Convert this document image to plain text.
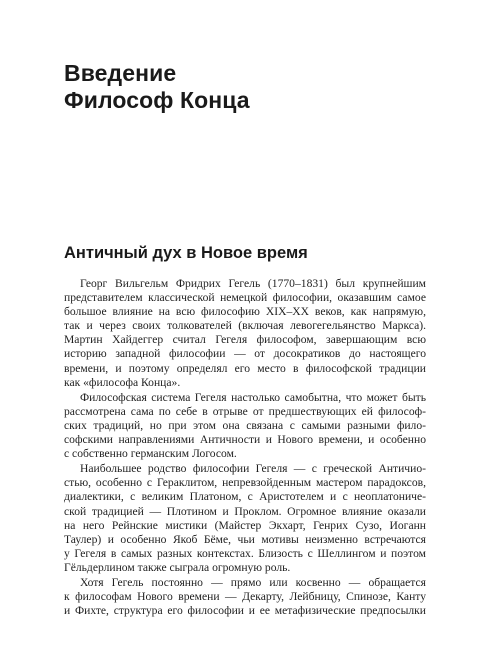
Введение
Философ Конца
Античный дух в Новое время

Георг Вильгельм Фридрих Гегель (1770–1831) был крупнейшим
представителем классической немецкой философии, оказавшим самое
большое влияние на всю философию XIX–XX веков, как напрямую,
так и через своих толкователей (включая левогегельянство Маркса).
Мартин Хайдеггер считал Гегеля философом, завершающим всю
историю западной философии — от досократиков до настоящего
времени, и поэтому определял его место в философской традиции
как «философа Конца».

Философская система Гегеля настолько самобытна, что может быть
рассмотрена сама по себе в отрыве от предшествующих ей философ-
ских традиций, но при этом она связана с самыми разными фило-
софскими направлениями Античности и Нового времени, и особенно
с собственно германским Логосом.

Наибольшее родство философии Гегеля — с греческой Античио-
стью, особенно с Гераклитом, непревзойденным мастером парадоксов,
диалектики, с великим Платоном, с Аристотелем и с неоплатониче-
ской традицией — Плотином и Проклом. Огромное влияние оказали
на него Рейнские мистики (Майстер Экхарт, Генрих Сузо, Иоганн
Таулер) и особенно Якоб Бёме, чьи мотивы неизменно встречаются
у Гегеля в самых разных контекстах. Близость с Шеллингом и поэтом
Гёльдерлином также сыграла огромную роль.

Хотя Гегель постоянно — прямо или косвенно — обращается
к философам Нового времени — Декарту, Лейбницу, Спинозе, Канту
и Фихте, структура его философии и ее метафизические предпосылки
